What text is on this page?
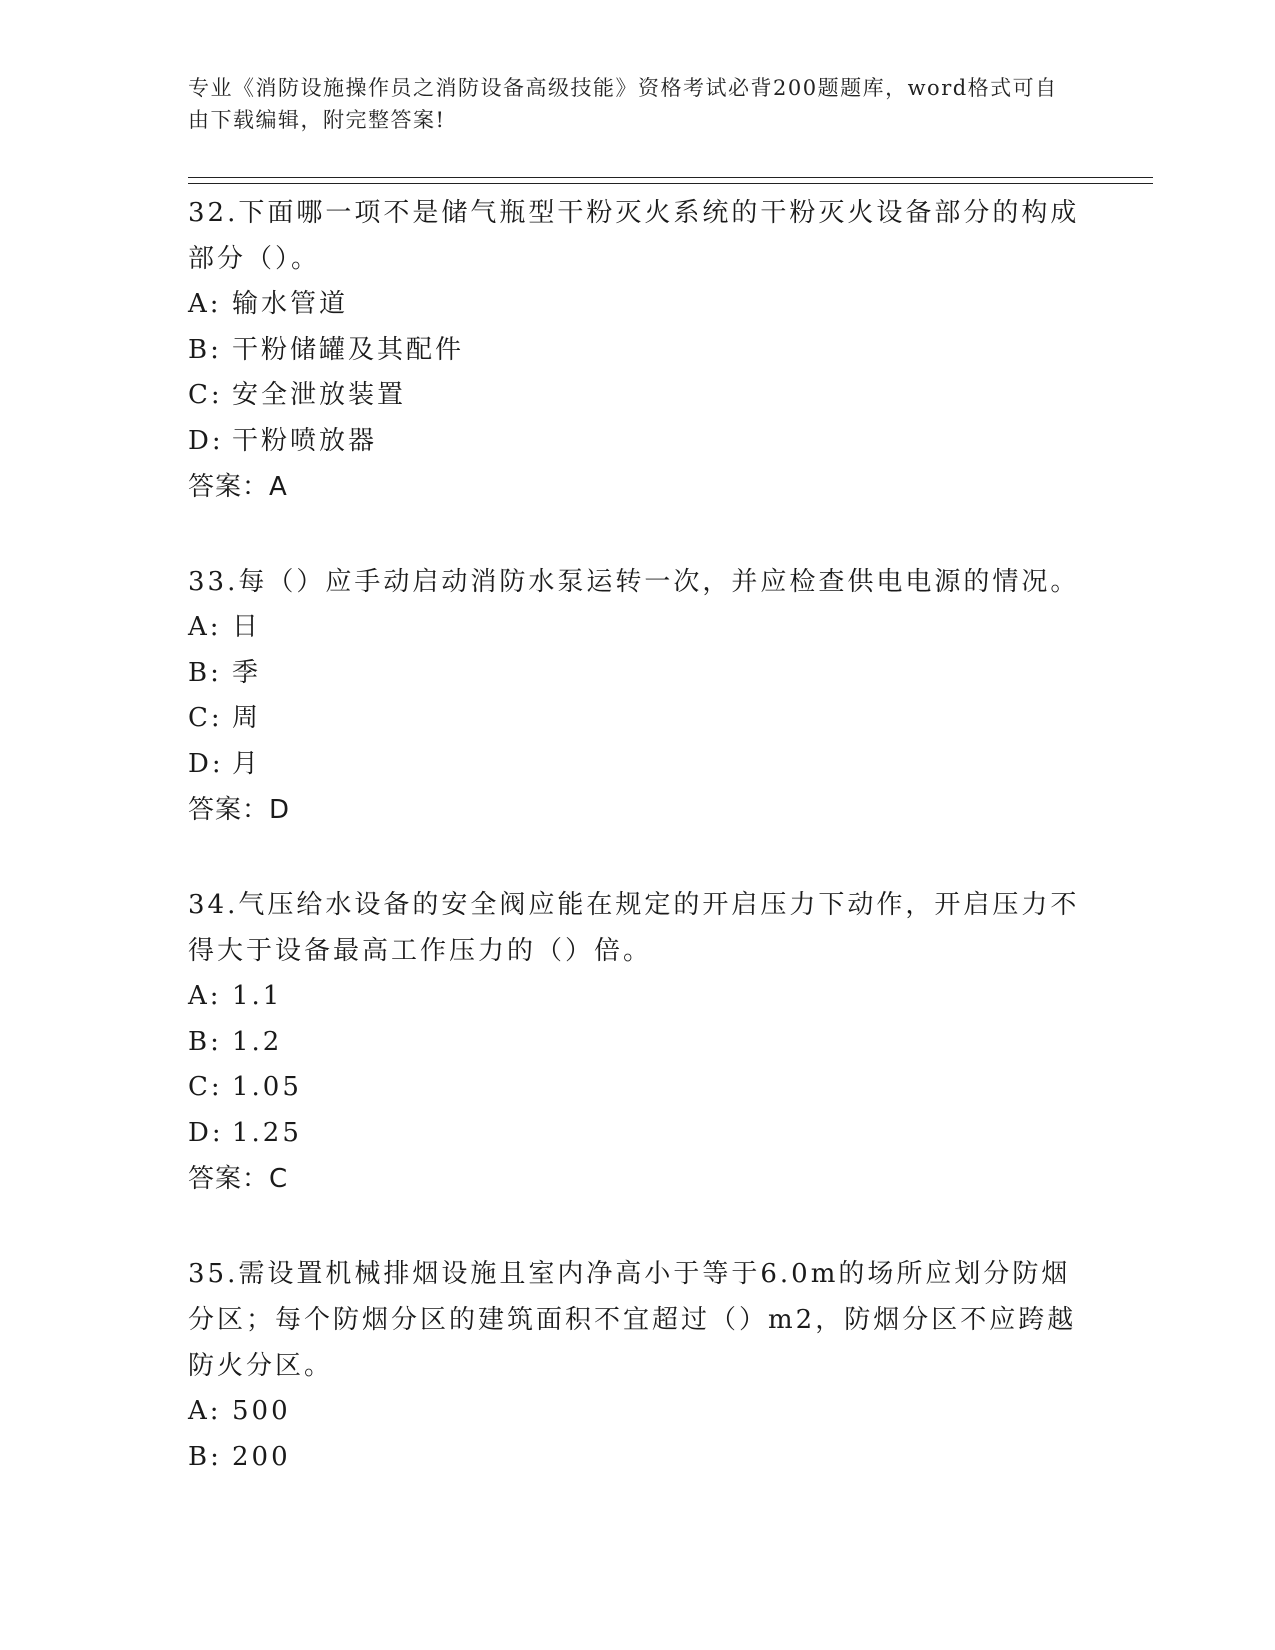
专业《消防设施操作员之消防设备高级技能》资格考试必背200题题库，word格式可自由下载编辑，附完整答案!

32.下面哪一项不是储气瓶型干粉灭火系统的干粉灭火设备部分的构成部分（）。

A: 输水管道

B: 干粉储罐及其配件

C: 安全泄放装置

D: 干粉喷放器

答案：A

33.每（）应手动启动消防水泵运转一次，并应检查供电电源的情况。

A: 日

B: 季

C: 周

D: 月

答案：D

34.气压给水设备的安全阀应能在规定的开启压力下动作，开启压力不得大于设备最高工作压力的（）倍。

A: 1.1

B: 1.2

C: 1.05

D: 1.25

答案：C

35.需设置机械排烟设施且室内净高小于等于6.0m的场所应划分防烟分区；每个防烟分区的建筑面积不宜超过（）m2，防烟分区不应跨越防火分区。

A: 500

B: 200
